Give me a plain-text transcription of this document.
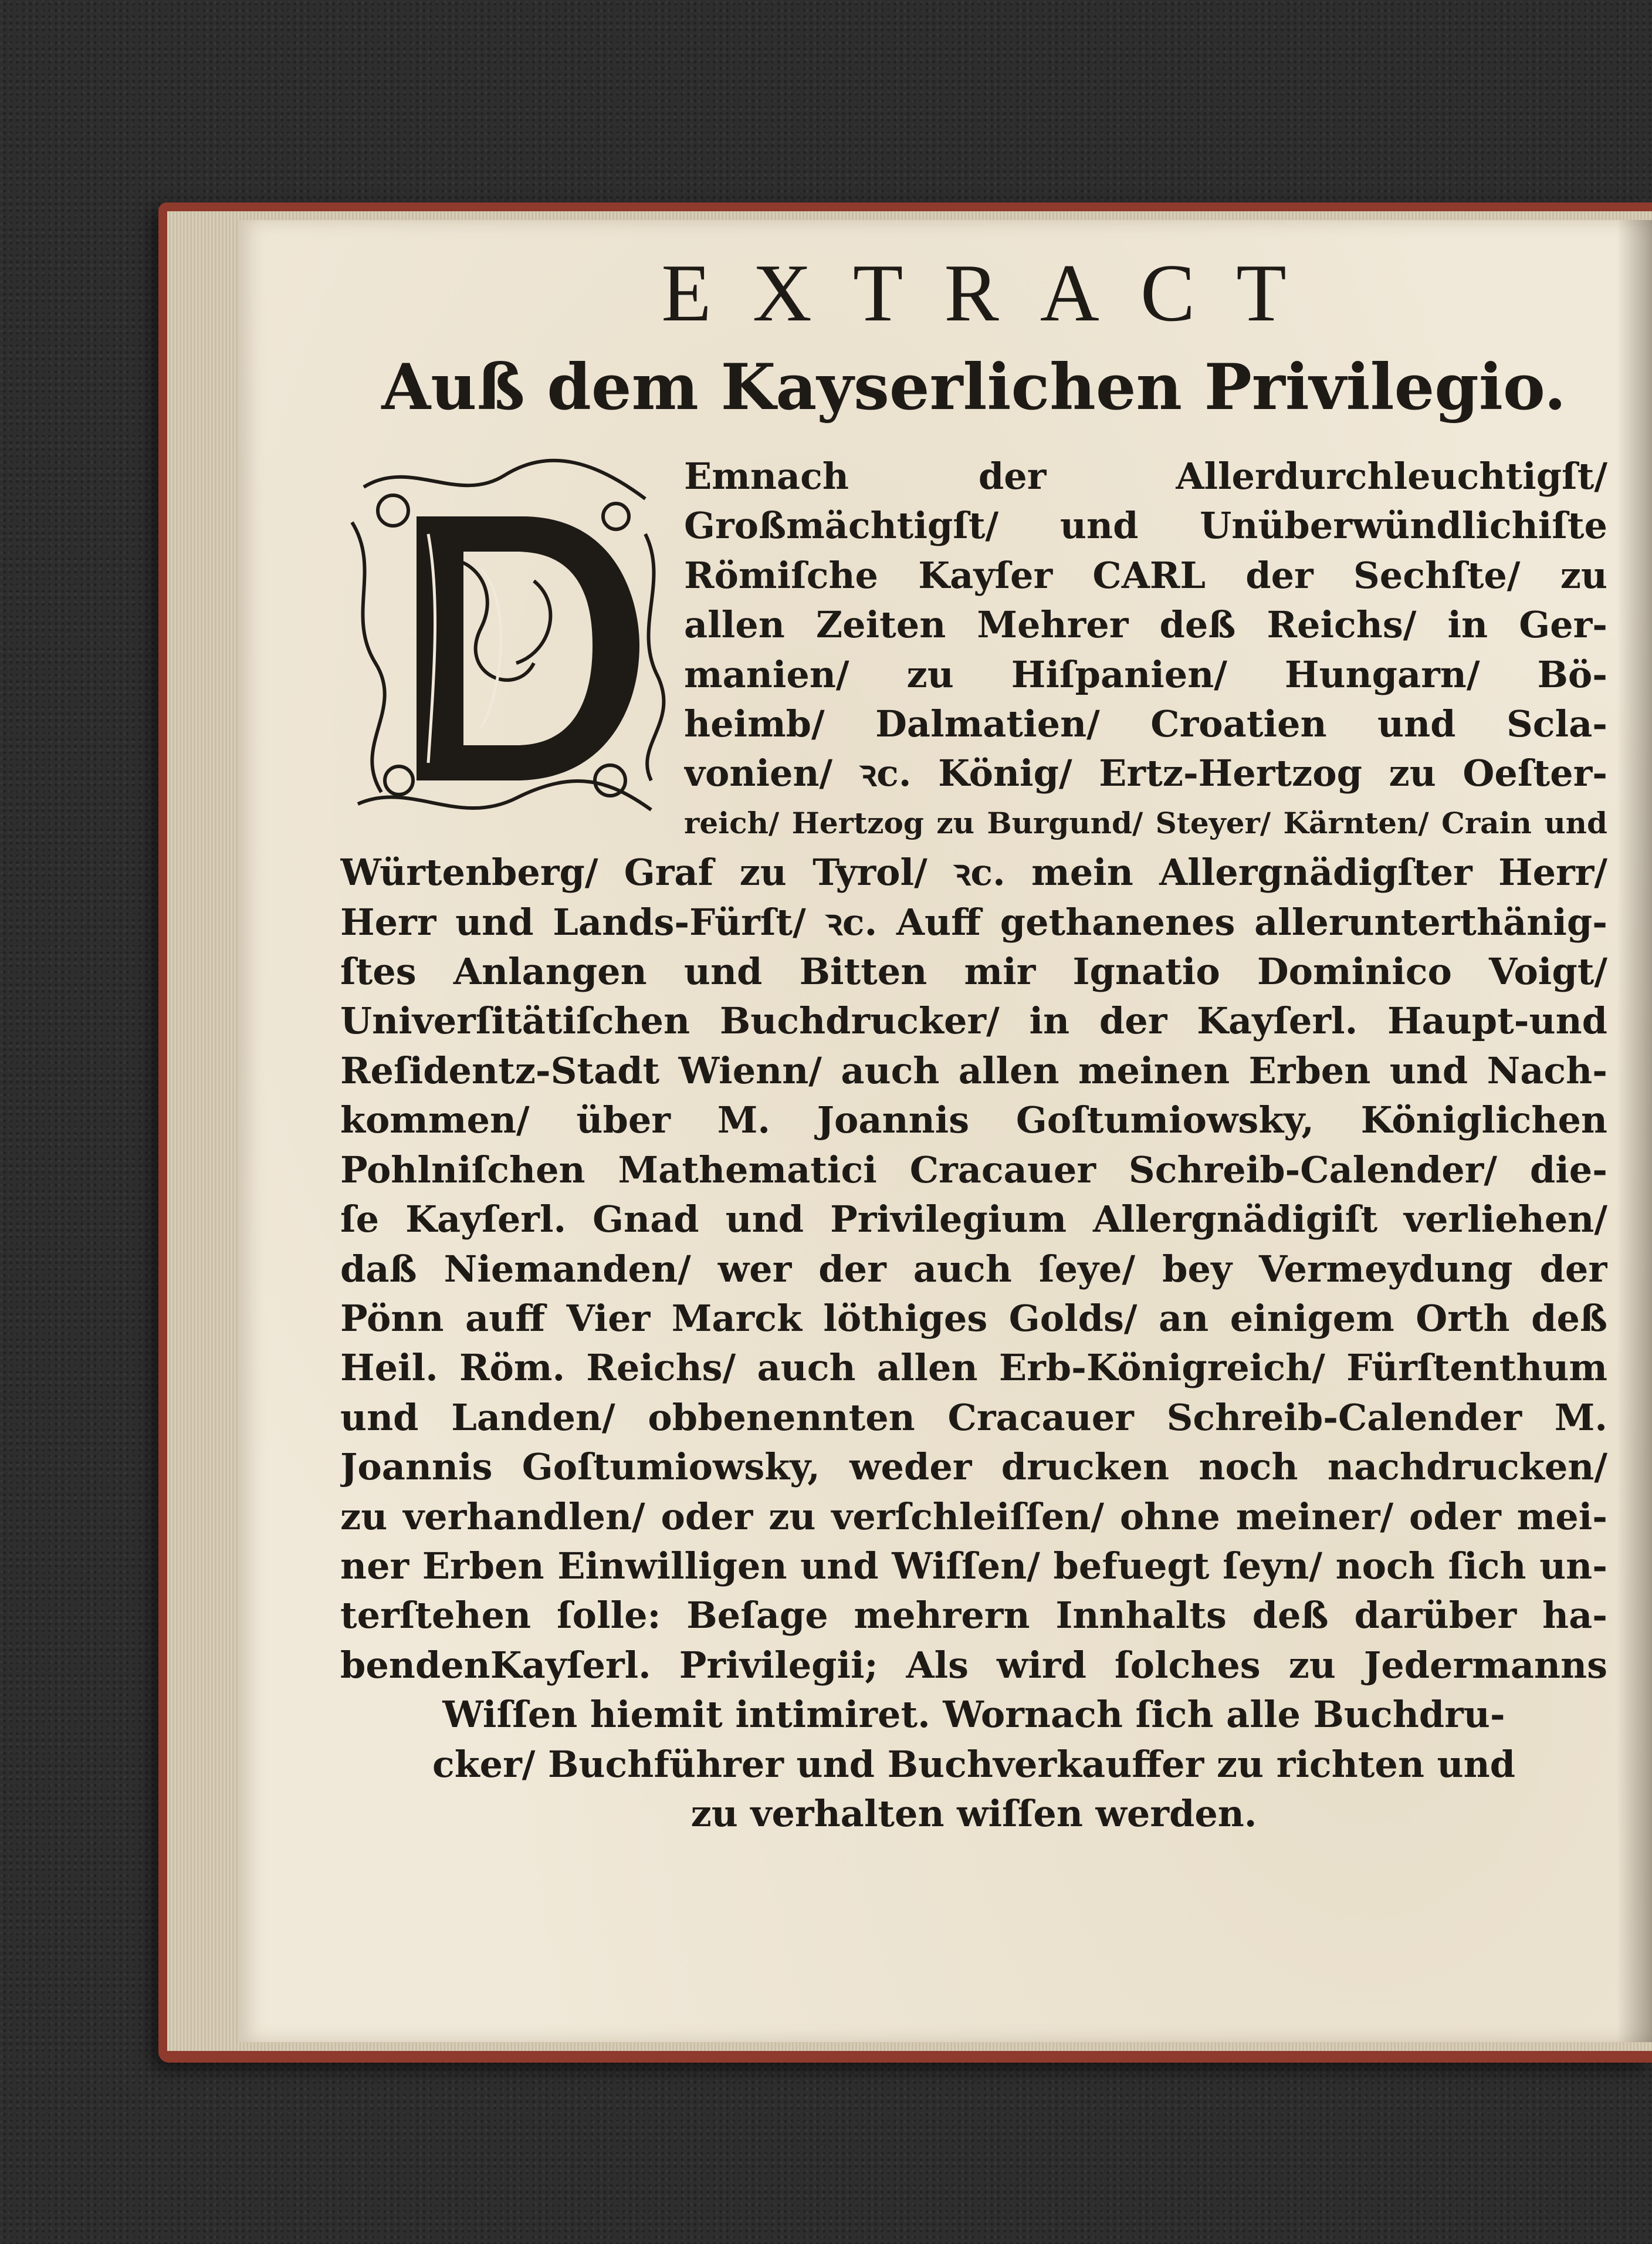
EXTRACT
Auß dem Kayserlichen Privilegio.
Emnach der Allerdurchleuchtigſt/
Großmächtigſt/ und Unüberwündlichiſte
Römiſche Kayſer CARL der Sechſte/ zu
allen Zeiten Mehrer deß Reichs/ in Ger-
manien/ zu Hiſpanien/ Hungarn/ Bö-
heimb/ Dalmatien/ Croatien und Scla-
vonien/ ꝛc. König/ Ertz-Hertzog zu Oeſter-
reich/ Hertzog zu Burgund/ Steyer/ Kärnten/ Crain und
Würtenberg/ Graf zu Tyrol/ ꝛc. mein Allergnädigſter Herr/
Herr und Lands-Fürſt/ ꝛc. Auff gethanenes allerunterthänig-
ſtes Anlangen und Bitten mir Ignatio Dominico Voigt/
Univerſitätiſchen Buchdrucker/ in der Kayſerl. Haupt-und
Reſidentz-Stadt Wienn/ auch allen meinen Erben und Nach-
kommen/ über M. Joannis Goſtumiowsky, Königlichen
Pohlniſchen Mathematici Cracauer Schreib-Calender/ die-
ſe Kayſerl. Gnad und Privilegium Allergnädigiſt verliehen/
daß Niemanden/ wer der auch ſeye/ bey Vermeydung der
Pönn auff Vier Marck löthiges Golds/ an einigem Orth deß
Heil. Röm. Reichs/ auch allen Erb-Königreich/ Fürſtenthum
und Landen/ obbenennten Cracauer Schreib-Calender M.
Joannis Goſtumiowsky, weder drucken noch nachdrucken/
zu verhandlen/ oder zu verſchleiſſen/ ohne meiner/ oder mei-
ner Erben Einwilligen und Wiſſen/ befuegt ſeyn/ noch ſich un-
terſtehen ſolle: Beſage mehrern Innhalts deß darüber ha-
bendenKayſerl. Privilegii; Als wird ſolches zu Jedermanns
Wiſſen hiemit intimiret. Wornach ſich alle Buchdru-
cker/ Buchführer und Buchverkauffer zu richten und
zu verhalten wiſſen werden.
